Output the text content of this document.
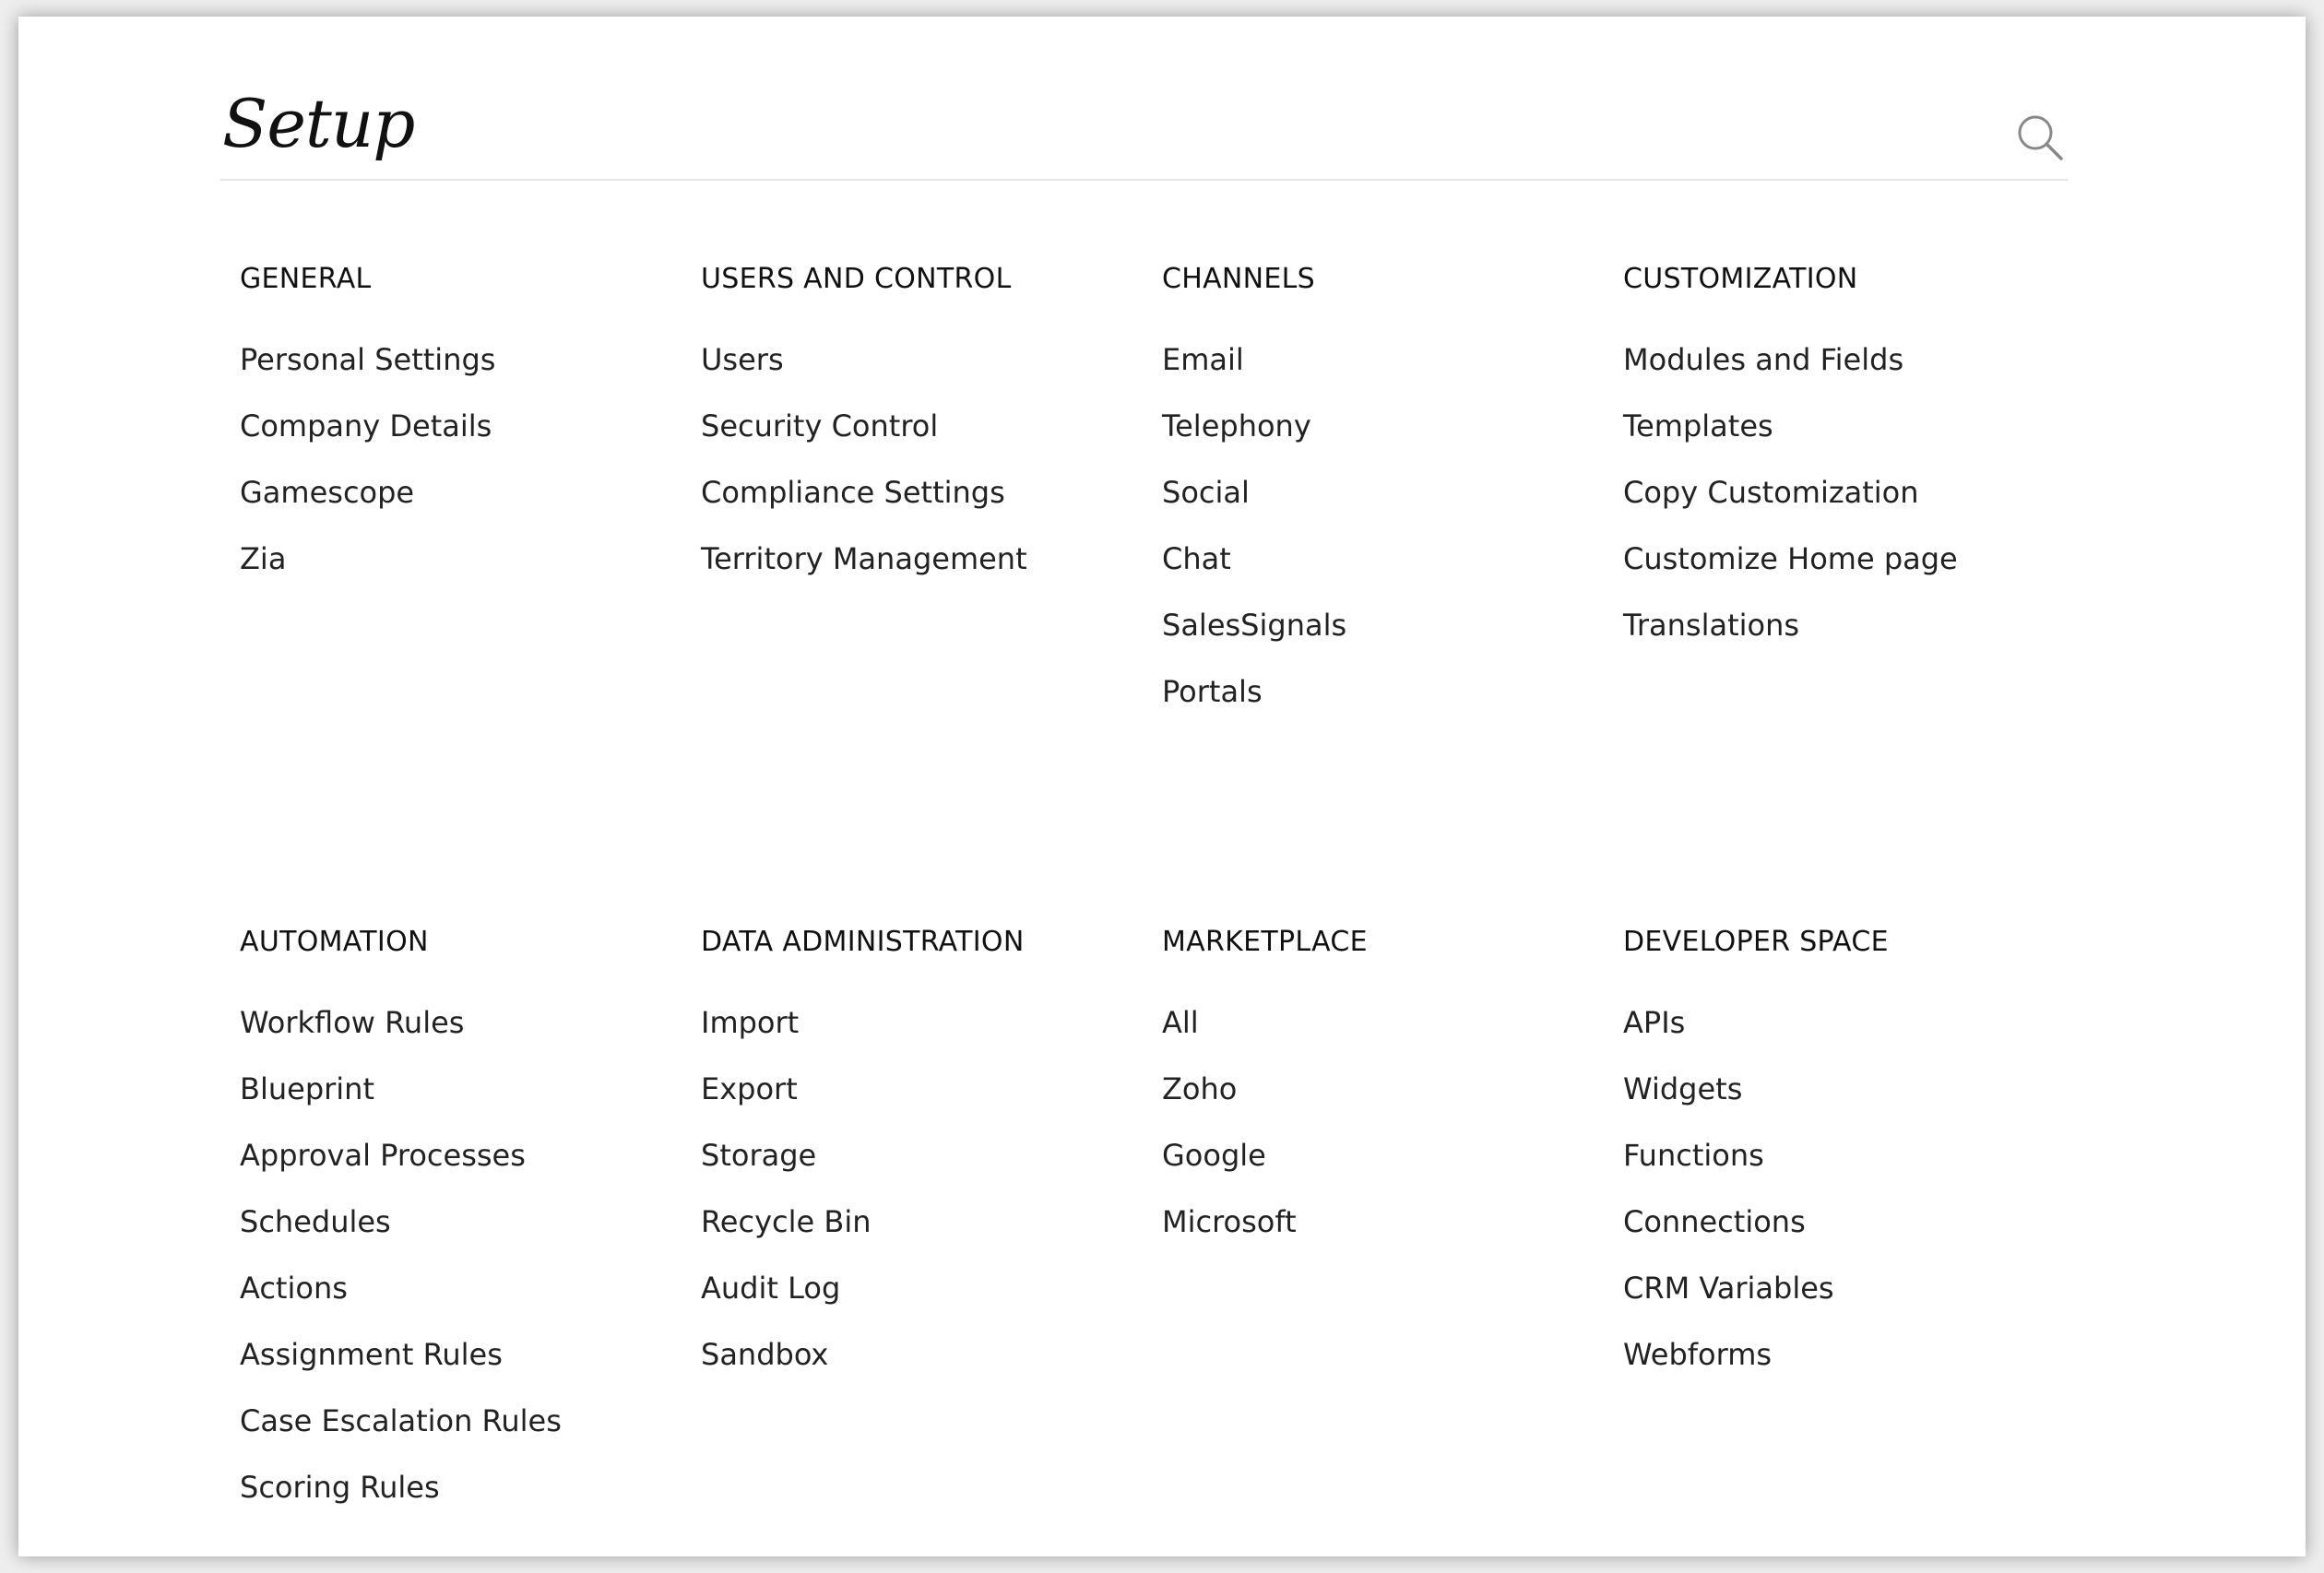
Setup
GENERAL
Personal Settings
Company Details
Gamescope
Zia
USERS AND CONTROL
Users
Security Control
Compliance Settings
Territory Management
CHANNELS
Email
Telephony
Social
Chat
SalesSignals
Portals
CUSTOMIZATION
Modules and Fields
Templates
Copy Customization
Customize Home page
Translations
AUTOMATION
Workflow Rules
Blueprint
Approval Processes
Schedules
Actions
Assignment Rules
Case Escalation Rules
Scoring Rules
DATA ADMINISTRATION
Import
Export
Storage
Recycle Bin
Audit Log
Sandbox
MARKETPLACE
All
Zoho
Google
Microsoft
DEVELOPER SPACE
APIs
Widgets
Functions
Connections
CRM Variables
Webforms
